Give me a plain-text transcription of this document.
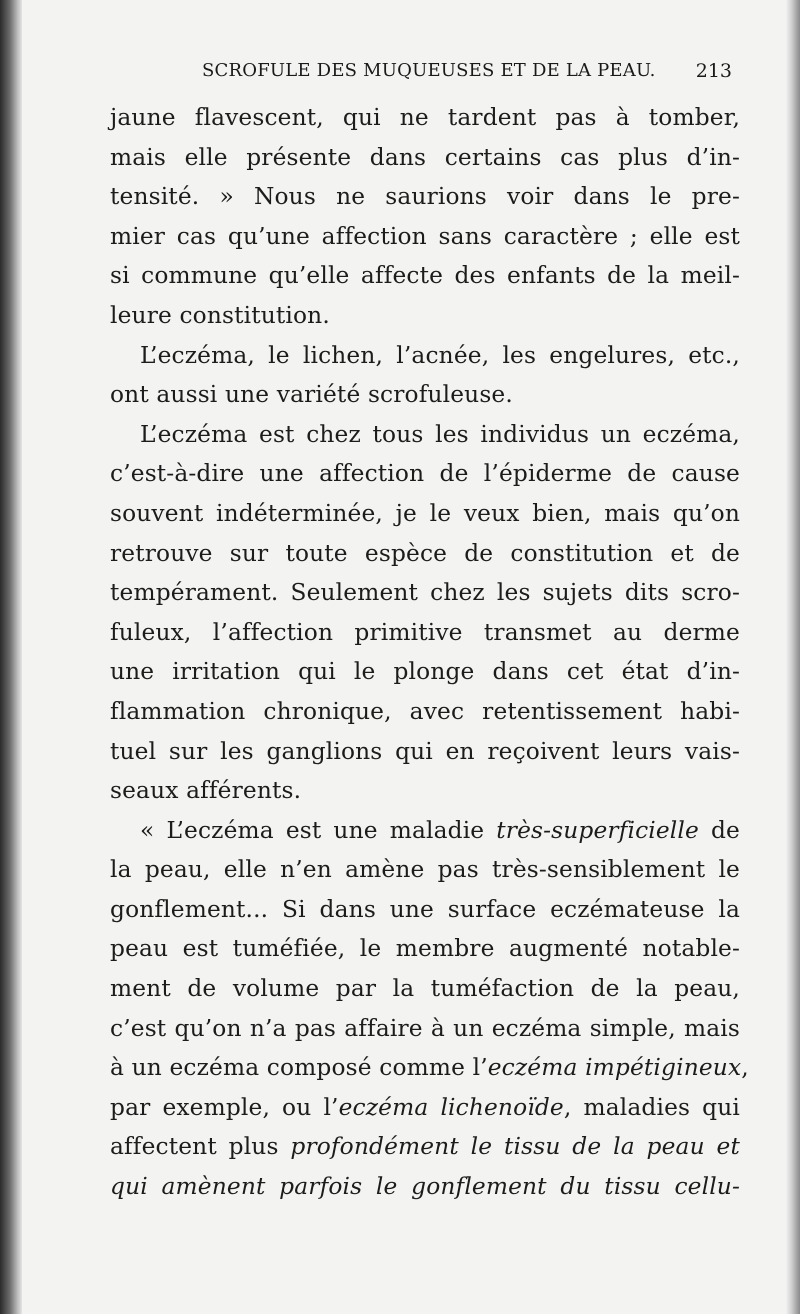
SCROFULE DES MUQUEUSES ET DE LA PEAU. 213
jaune flavescent, qui ne tardent pas à tomber,
mais elle présente dans certains cas plus d’in-
tensité. » Nous ne saurions voir dans le pre-
mier cas qu’une affection sans caractère ; elle est
si commune qu’elle affecte des enfants de la meil-
leure constitution.
L’eczéma, le lichen, l’acnée, les engelures, etc.,
ont aussi une variété scrofuleuse.
L’eczéma est chez tous les individus un eczéma,
c’est-à-dire une affection de l’épiderme de cause
souvent indéterminée, je le veux bien, mais qu’on
retrouve sur toute espèce de constitution et de
tempérament. Seulement chez les sujets dits scro-
fuleux, l’affection primitive transmet au derme
une irritation qui le plonge dans cet état d’in-
flammation chronique, avec retentissement habi-
tuel sur les ganglions qui en reçoivent leurs vais-
seaux afférents.
« L’eczéma est une maladie très-superficielle de
la peau, elle n’en amène pas très-sensiblement le
gonflement... Si dans une surface eczémateuse la
peau est tuméfiée, le membre augmenté notable-
ment de volume par la tuméfaction de la peau,
c’est qu’on n’a pas affaire à un eczéma simple, mais
à un eczéma composé comme l’eczéma impétigineux,
par exemple, ou l’eczéma lichenoïde, maladies qui
affectent plus profondément le tissu de la peau et
qui amènent parfois le gonflement du tissu cellu-
